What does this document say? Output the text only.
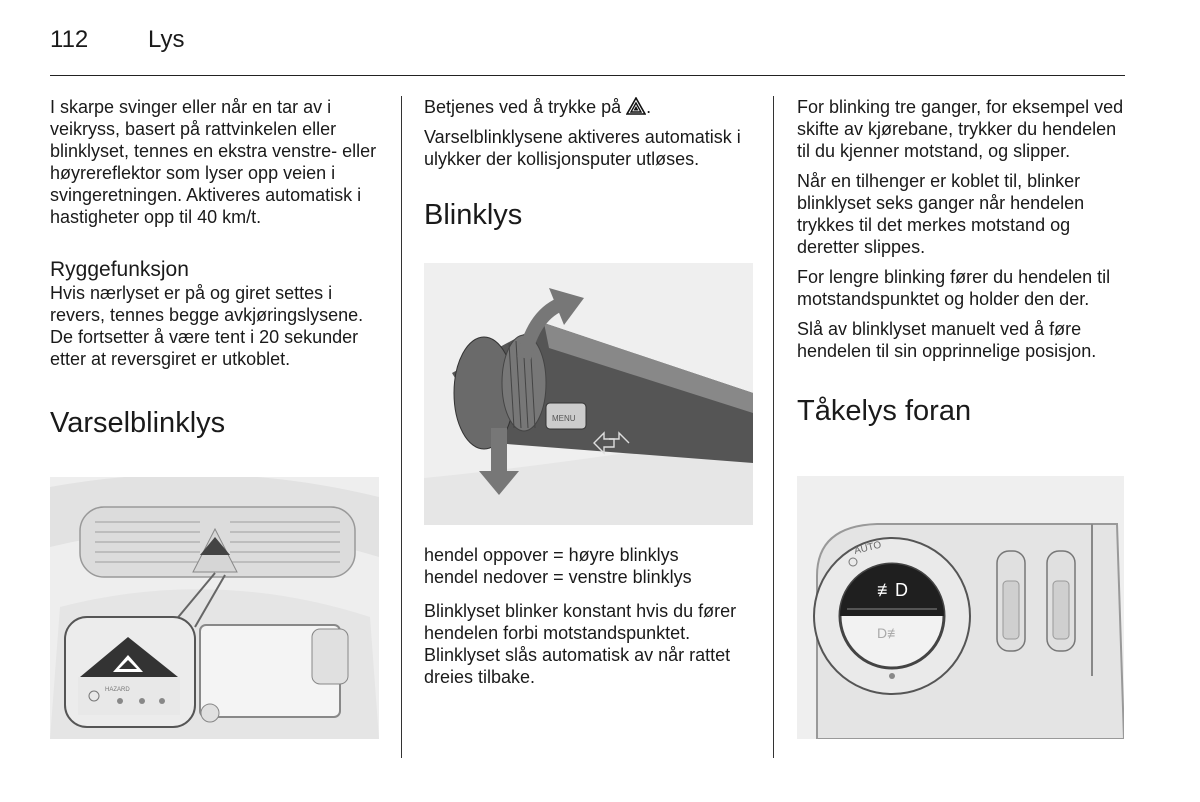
112 Lys

I skarpe svinger eller når en tar av i veikryss, basert på rattvinkelen eller blinklyset, tennes en ekstra venstre- eller høyrereflektor som lyser opp veien i svingeretningen. Aktiveres automatisk i hastigheter opp til 40 km/t.

Ryggefunksjon

Hvis nærlyset er på og giret settes i revers, tennes begge avkjøringslysene. De fortsetter å være tent i 20 sekunder etter at reversgiret er utkoblet.

Varselblinklys
HAZARD

Betjenes ved å trykke på .

Varselblinklysene aktiveres automatisk i ulykker der kollisjonsputer utløses.

Blinklys
MENU

hendel oppover = høyre blinklys

hendel nedover = venstre blinklys

Blinklyset blinker konstant hvis du fører hendelen forbi motstandspunktet. Blinklyset slås automatisk av når rattet dreies tilbake.

For blinking tre ganger, for eksempel ved skifte av kjørebane, trykker du hendelen til du kjenner motstand, og slipper.

Når en tilhenger er koblet til, blinker blinklyset seks ganger når hendelen trykkes til det merkes motstand og deretter slippes.

For lengre blinking fører du hendelen til motstandspunktet og holder den der.

Slå av blinklyset manuelt ved å føre hendelen til sin opprinnelige posisjon.

Tåkelys foran
AUTO
≢D
D≢
